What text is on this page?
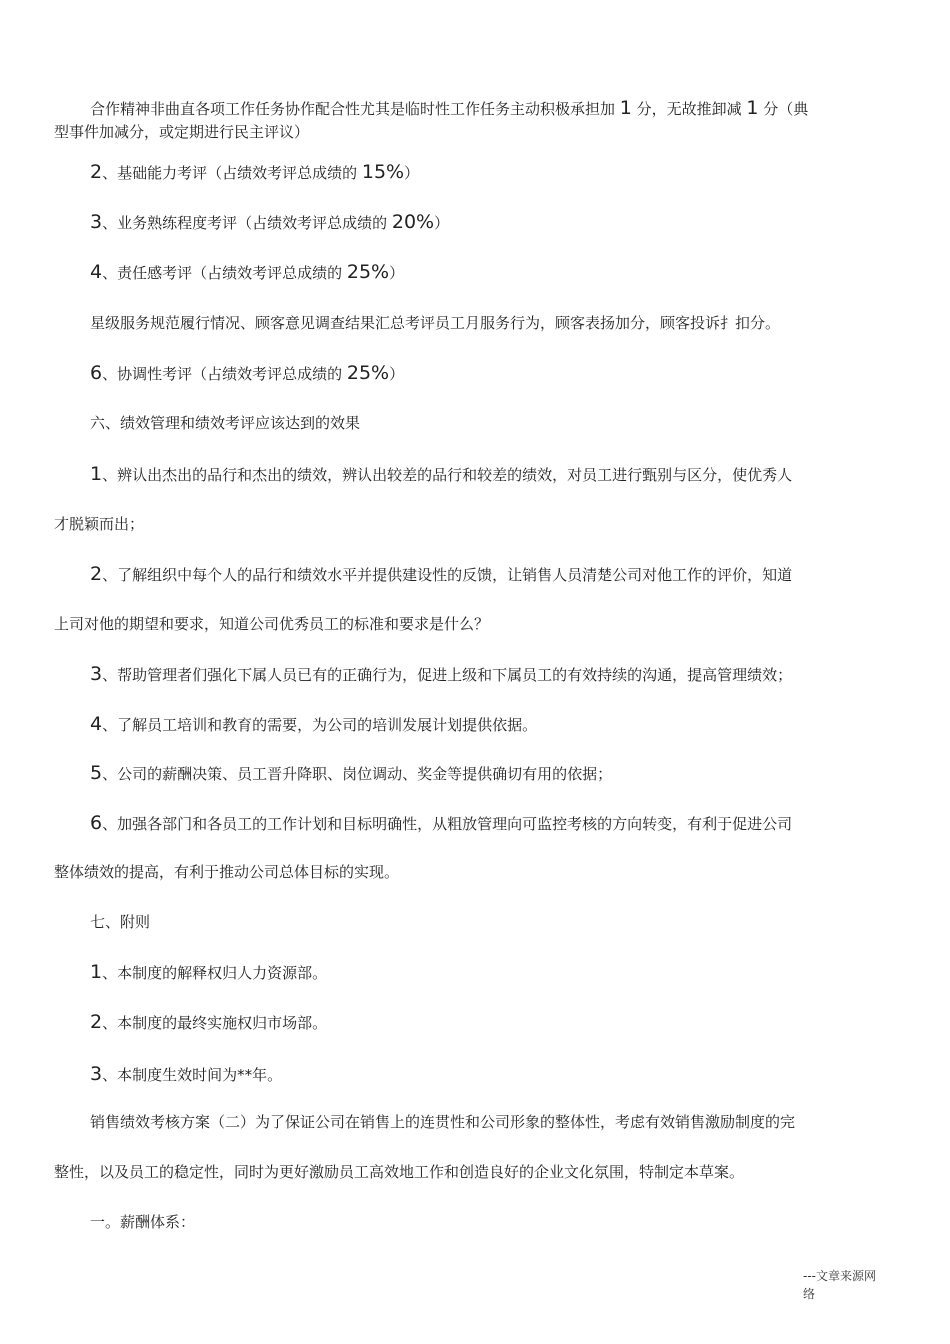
合作精神非曲直各项工作任务协作配合性尤其是临时性工作任务主动积极承担加 1 分，无故推卸减 1 分（典
型事件加减分，或定期进行民主评议）
2、基础能力考评（占绩效考评总成绩的 15%）
3、业务熟练程度考评（占绩效考评总成绩的 20%）
4、责任感考评（占绩效考评总成绩的 25%）
星级服务规范履行情况、顾客意见调查结果汇总考评员工月服务行为，顾客表扬加分，顾客投诉扌扣分。
6、协调性考评（占绩效考评总成绩的 25%）
六、绩效管理和绩效考评应该达到的效果
1、辨认出杰出的品行和杰出的绩效，辨认出较差的品行和较差的绩效，对员工进行甄别与区分，使优秀人
才脱颖而出；
2、了解组织中每个人的品行和绩效水平并提供建设性的反馈，让销售人员清楚公司对他工作的评价，知道
上司对他的期望和要求，知道公司优秀员工的标准和要求是什么？
3、帮助管理者们强化下属人员已有的正确行为，促进上级和下属员工的有效持续的沟通，提高管理绩效；
4、了解员工培训和教育的需要，为公司的培训发展计划提供依据。
5、公司的薪酬决策、员工晋升降职、岗位调动、奖金等提供确切有用的依据；
6、加强各部门和各员工的工作计划和目标明确性，从粗放管理向可监控考核的方向转变，有利于促进公司
整体绩效的提高，有利于推动公司总体目标的实现。
七、附则
1、本制度的解释权归人力资源部。
2、本制度的最终实施权归市场部。
3、本制度生效时间为**年。
销售绩效考核方案（二）为了保证公司在销售上的连贯性和公司形象的整体性，考虑有效销售激励制度的完
整性，以及员工的稳定性，同时为更好激励员工高效地工作和创造良好的企业文化氛围，特制定本草案。
一。薪酬体系：
---文章来源网
络
